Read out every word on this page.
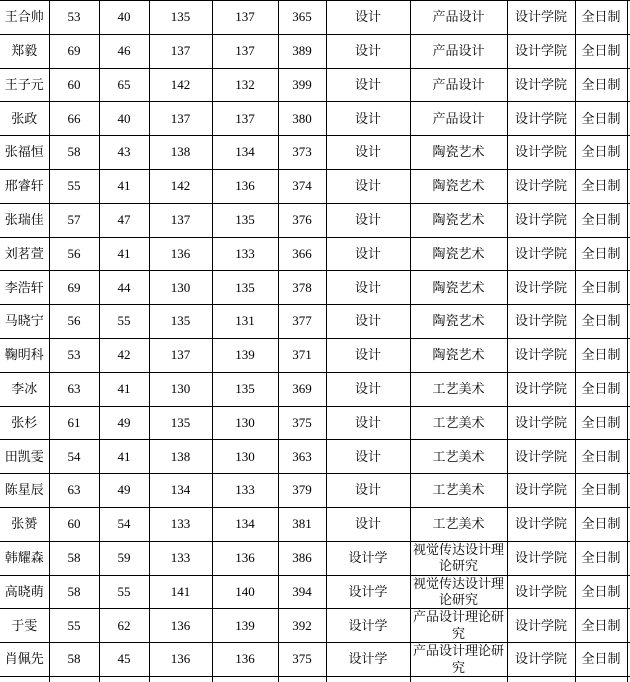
王合帅	53	40	135	137	365	设计	产品设计	设计学院	全日制	
郑毅	69	46	137	137	389	设计	产品设计	设计学院	全日制	
王子元	60	65	142	132	399	设计	产品设计	设计学院	全日制	
张政	66	40	137	137	380	设计	产品设计	设计学院	全日制	
张福恒	58	43	138	134	373	设计	陶瓷艺术	设计学院	全日制	
邢睿轩	55	41	142	136	374	设计	陶瓷艺术	设计学院	全日制	
张瑞佳	57	47	137	135	376	设计	陶瓷艺术	设计学院	全日制	
刘茗萱	56	41	136	133	366	设计	陶瓷艺术	设计学院	全日制	
李浩轩	69	44	130	135	378	设计	陶瓷艺术	设计学院	全日制	
马晓宁	56	55	135	131	377	设计	陶瓷艺术	设计学院	全日制	
鞠明科	53	42	137	139	371	设计	陶瓷艺术	设计学院	全日制	
李冰	63	41	130	135	369	设计	工艺美术	设计学院	全日制	
张杉	61	49	135	130	375	设计	工艺美术	设计学院	全日制	
田凯雯	54	41	138	130	363	设计	工艺美术	设计学院	全日制	
陈星辰	63	49	134	133	379	设计	工艺美术	设计学院	全日制	
张赟	60	54	133	134	381	设计	工艺美术	设计学院	全日制	
韩耀森	58	59	133	136	386	设计学	视觉传达设计理论研究	设计学院	全日制	
高晓萌	58	55	141	140	394	设计学	视觉传达设计理论研究	设计学院	全日制	
于雯	55	62	136	139	392	设计学	产品设计理论研究	设计学院	全日制	
肖佩先	58	45	136	136	375	设计学	产品设计理论研究	设计学院	全日制	
